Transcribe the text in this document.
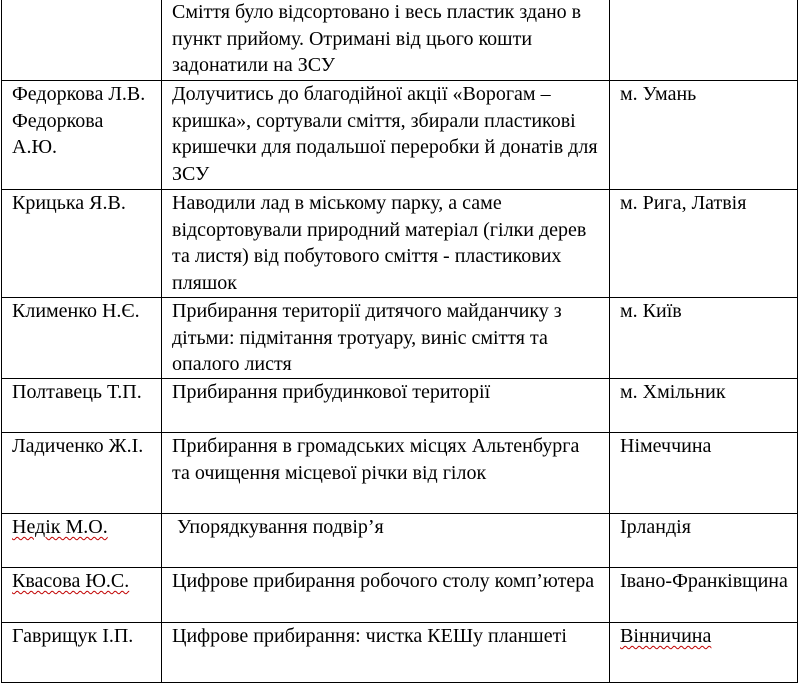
	Сміття було відсортовано і весь пластик здано в пункт прийому. Отримані від цього кошти задонатили на ЗСУ	

Федоркова Л.В. Федоркова А.Ю.	Долучитись до благодійної акції «Ворогам – кришка», сортували сміття, збирали пластикові кришечки для подальшої переробки й донатів для ЗСУ	м. Умань

Крицька Я.В.	Наводили лад в міському парку, а саме відсортовували природний матеріал (гілки дерев та листя) від побутового сміття - пластикових пляшок	м. Рига, Латвія

Клименко Н.Є.	Прибирання території дитячого майданчику з дітьми: підмітання тротуару, виніс сміття та опалого листя	м. Київ

Полтавець Т.П.	Прибирання прибудинкової території	м. Хмільник

Ладиченко Ж.І.	Прибирання в громадських місцях Альтенбурга та очищення місцевої річки від гілок	Німеччина

Недік М.О.	Упорядкування подвір’я	Ірландія

Квасова Ю.С.	Цифрове прибирання робочого столу комп’ютера	Івано-Франківщина

Гаврищук І.П.	Цифрове прибирання: чистка КЕШу планшеті	Вінничина
